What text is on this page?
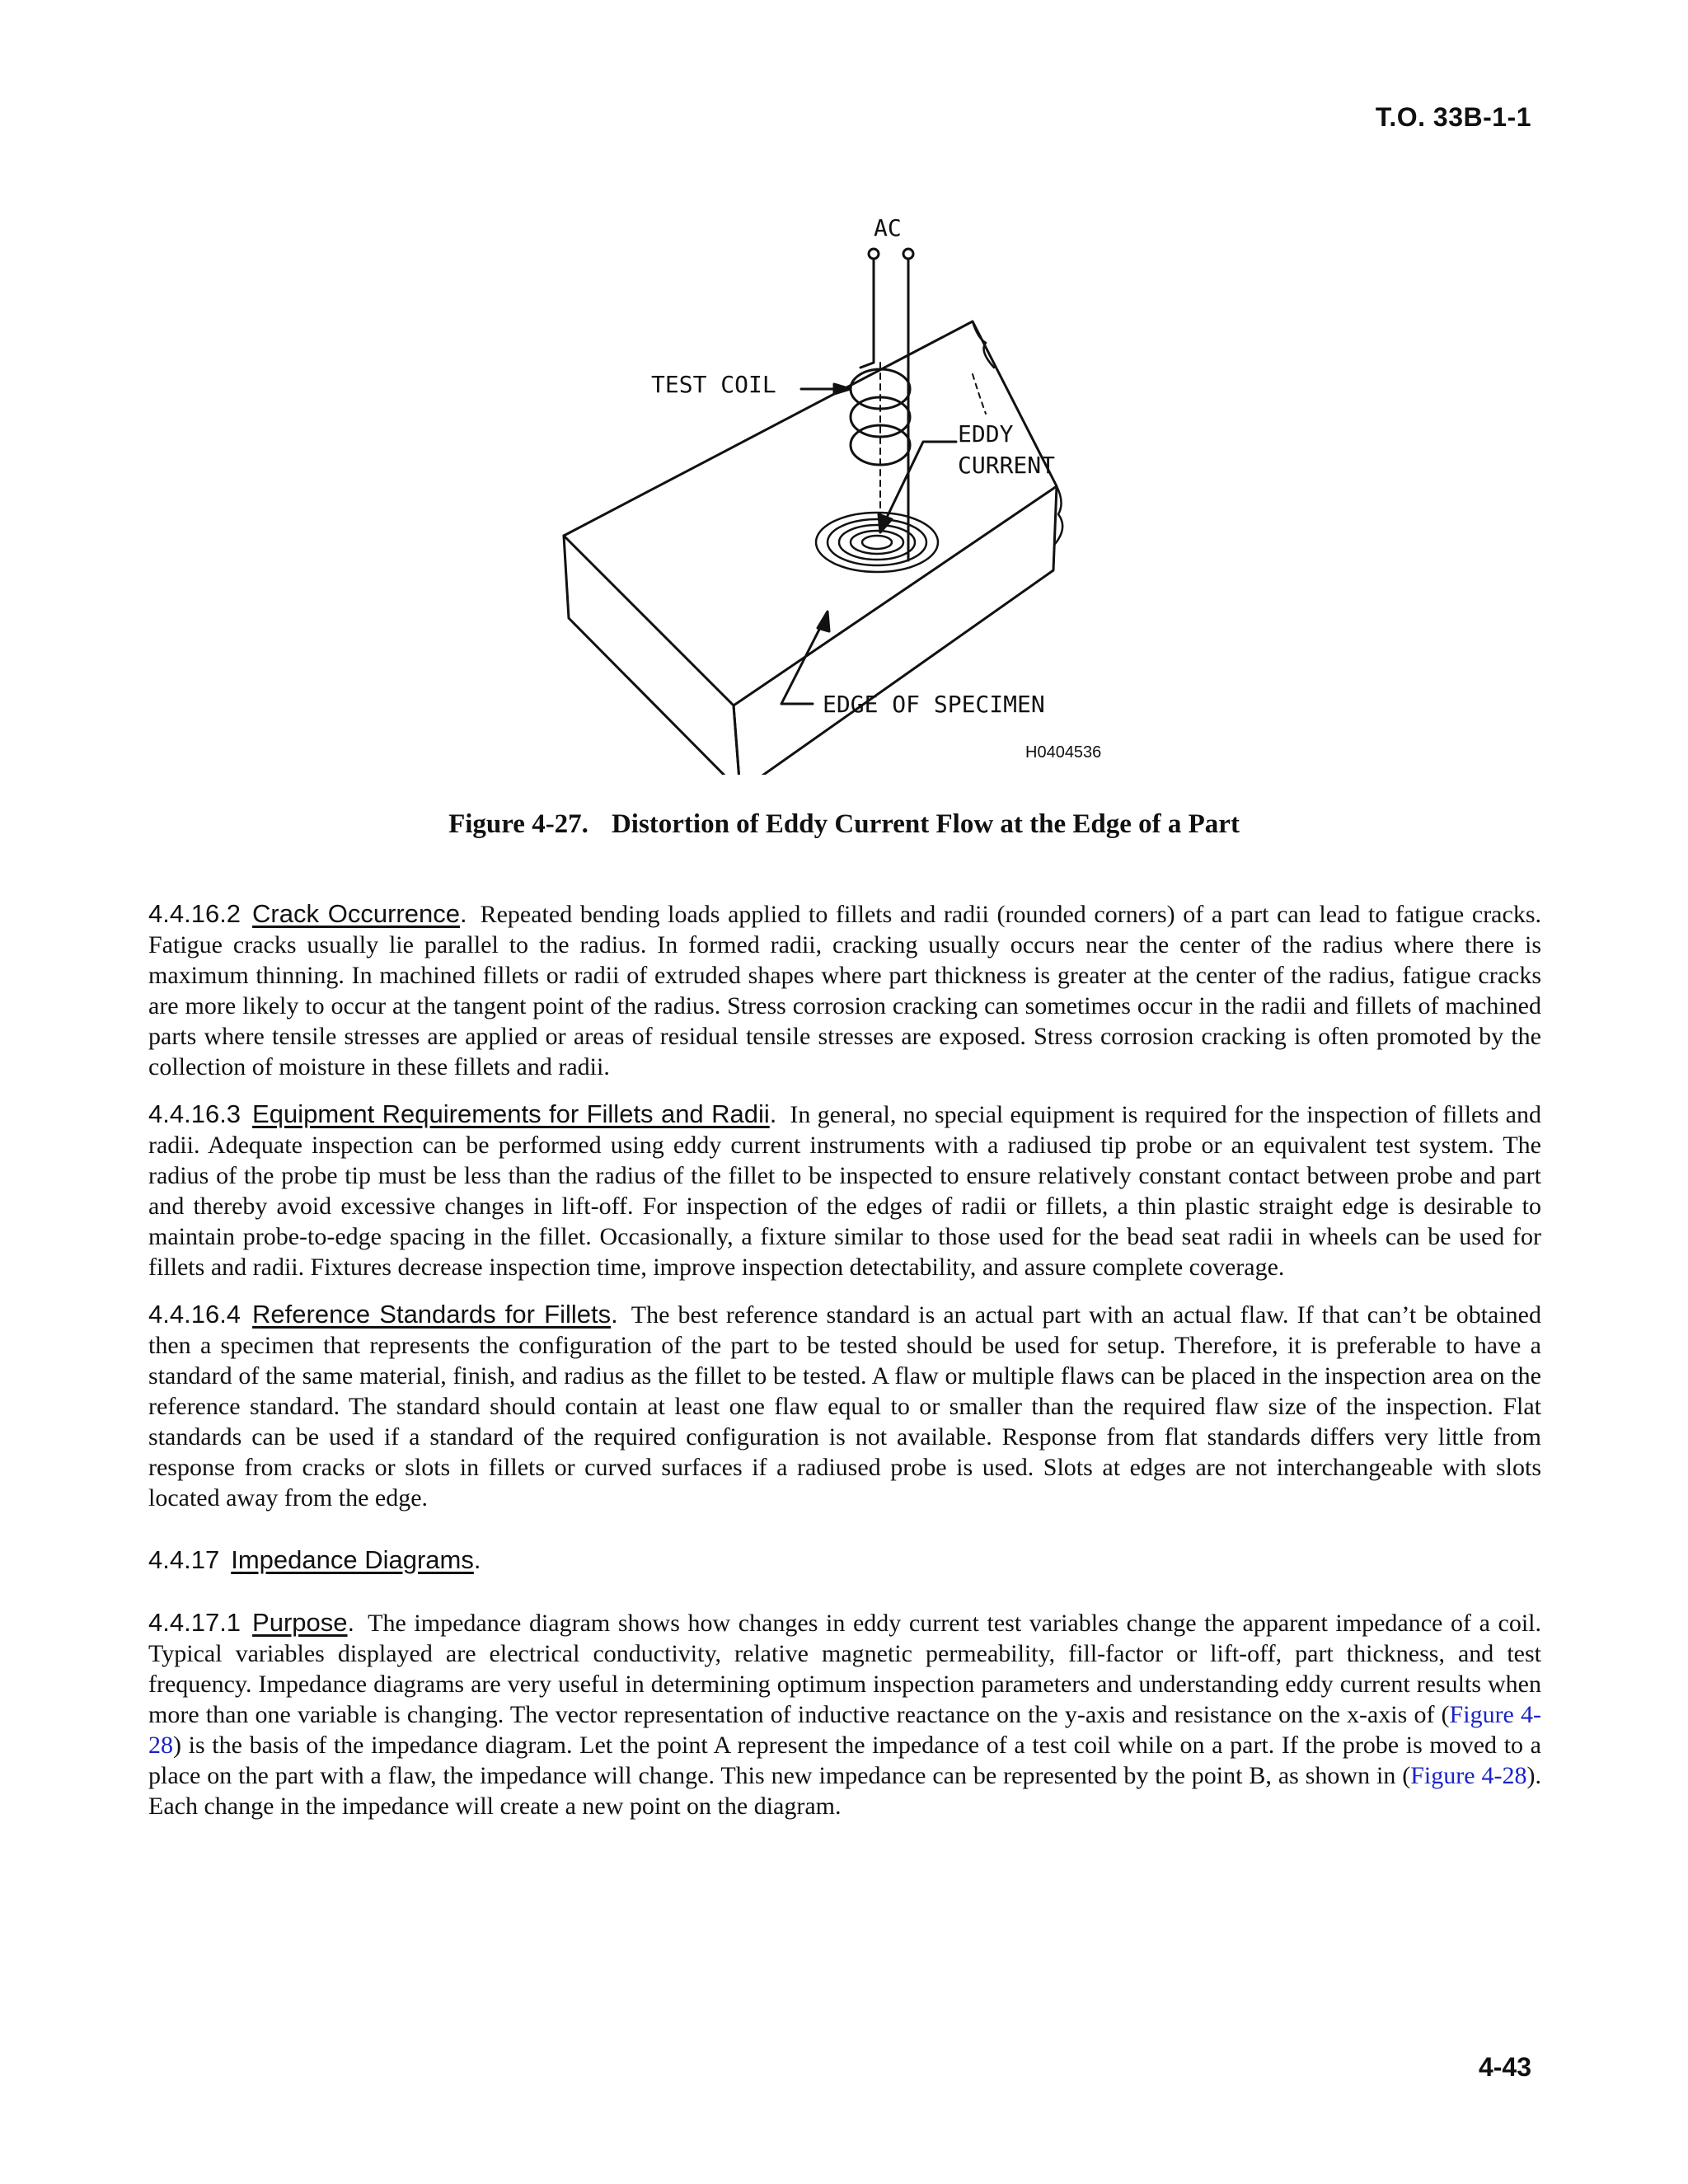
T.O. 33B-1-1
AC
TEST COIL
EDDY
CURRENT
EDGE OF SPECIMEN
H0404536
Figure 4-27. Distortion of Eddy Current Flow at the Edge of a Part

4.4.16.2 Crack Occurrence. Repeated bending loads applied to fillets and radii (rounded corners) of a part can lead to fatigue cracks. Fatigue cracks usually lie parallel to the radius. In formed radii, cracking usually occurs near the center of the radius where there is maximum thinning. In machined fillets or radii of extruded shapes where part thickness is greater at the center of the radius, fatigue cracks are more likely to occur at the tangent point of the radius. Stress corrosion cracking can sometimes occur in the radii and fillets of machined parts where tensile stresses are applied or areas of residual tensile stresses are exposed. Stress corrosion cracking is often promoted by the collection of moisture in these fillets and radii.

4.4.16.3 Equipment Requirements for Fillets and Radii. In general, no special equipment is required for the inspection of fillets and radii. Adequate inspection can be performed using eddy current instruments with a radiused tip probe or an equivalent test system. The radius of the probe tip must be less than the radius of the fillet to be inspected to ensure relatively constant contact between probe and part and thereby avoid excessive changes in lift-off. For inspection of the edges of radii or fillets, a thin plastic straight edge is desirable to maintain probe-to-edge spacing in the fillet. Occasionally, a fixture similar to those used for the bead seat radii in wheels can be used for fillets and radii. Fixtures decrease inspection time, improve inspection detectability, and assure complete coverage.

4.4.16.4 Reference Standards for Fillets. The best reference standard is an actual part with an actual flaw. If that can’t be obtained then a specimen that represents the configuration of the part to be tested should be used for setup. Therefore, it is preferable to have a standard of the same material, finish, and radius as the fillet to be tested. A flaw or multiple flaws can be placed in the inspection area on the reference standard. The standard should contain at least one flaw equal to or smaller than the required flaw size of the inspection. Flat standards can be used if a standard of the required configuration is not available. Response from flat standards differs very little from response from cracks or slots in fillets or curved surfaces if a radiused probe is used. Slots at edges are not interchangeable with slots located away from the edge.

4.4.17 Impedance Diagrams.

4.4.17.1 Purpose. The impedance diagram shows how changes in eddy current test variables change the apparent impedance of a coil. Typical variables displayed are electrical conductivity, relative magnetic permeability, fill-factor or lift-off, part thickness, and test frequency. Impedance diagrams are very useful in determining optimum inspection parameters and understanding eddy current results when more than one variable is changing. The vector representation of inductive reactance on the y-axis and resistance on the x-axis of (Figure 4-28) is the basis of the impedance diagram. Let the point A represent the impedance of a test coil while on a part. If the probe is moved to a place on the part with a flaw, the impedance will change. This new impedance can be represented by the point B, as shown in (Figure 4-28). Each change in the impedance will create a new point on the diagram.

4-43
